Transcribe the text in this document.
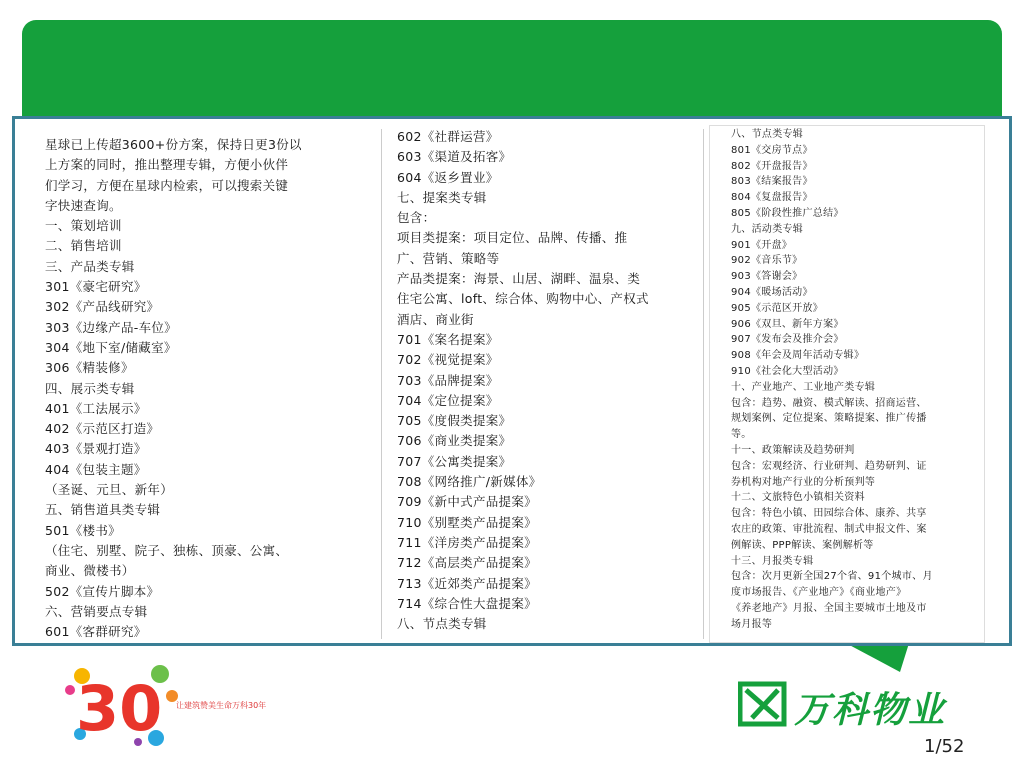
星球已上传超3600+份方案，保持日更3份以
上方案的同时，推出整理专辑，方便小伙伴
们学习，方便在星球内检索，可以搜索关键
字快速查询。
一、策划培训
二、销售培训
三、产品类专辑
301《豪宅研究》
302《产品线研究》
303《边缘产品-车位》
304《地下室/储藏室》
306《精装修》
四、展示类专辑
401《工法展示》
402《示范区打造》
403《景观打造》
404《包装主题》
（圣诞、元旦、新年）
五、销售道具类专辑
501《楼书》
（住宅、别墅、院子、独栋、顶豪、公寓、
商业、微楼书）
502《宣传片脚本》
六、营销要点专辑
601《客群研究》
602《社群运营》
603《渠道及拓客》
604《返乡置业》
七、提案类专辑
包含：
项目类提案：项目定位、品牌、传播、推
广、营销、策略等
产品类提案：海景、山居、湖畔、温泉、类
住宅公寓、loft、综合体、购物中心、产权式
酒店、商业街
701《案名提案》
702《视觉提案》
703《品牌提案》
704《定位提案》
705《度假类提案》
706《商业类提案》
707《公寓类提案》
708《网络推广/新媒体》
709《新中式产品提案》
710《别墅类产品提案》
711《洋房类产品提案》
712《高层类产品提案》
713《近郊类产品提案》
714《综合性大盘提案》
八、节点类专辑
八、节点类专辑
801《交房节点》
802《开盘报告》
803《结案报告》
804《复盘报告》
805《阶段性推广总结》
九、活动类专辑
901《开盘》
902《音乐节》
903《答谢会》
904《暖场活动》
905《示范区开放》
906《双旦、新年方案》
907《发布会及推介会》
908《年会及周年活动专辑》
910《社会化大型活动》
十、产业地产、工业地产类专辑
包含：趋势、融资、模式解读、招商运营、
规划案例、定位提案、策略提案、推广传播
等。
十一、政策解读及趋势研判
包含：宏观经济、行业研判、趋势研判、证
券机构对地产行业的分析预判等
十二、文旅特色小镇相关资料
包含：特色小镇、田园综合体、康养、共享
农庄的政策、审批流程、制式申报文件、案
例解读、PPP解读、案例解析等
十三、月报类专辑
包含：次月更新全国27个省、91个城市、月
度市场报告、《产业地产》《商业地产》
《养老地产》月报、全国主要城市土地及市
场月报等
30 让建筑赞美生命万科30年	万科物业
1/52
